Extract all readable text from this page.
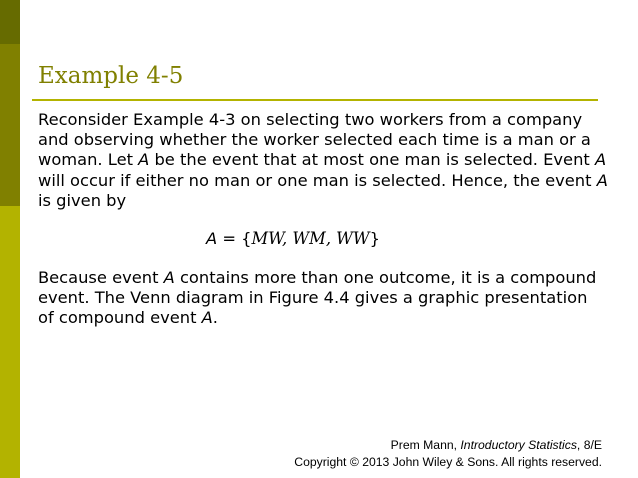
Example 4-5

Reconsider Example 4-3 on selecting two workers from a company and observing whether the worker selected each time is a man or a woman. Let A be the event that at most one man is selected. Event A will occur if either no man or one man is selected. Hence, the event A is given by

A = {MW, WM, WW}

Because event A contains more than one outcome, it is a compound event. The Venn diagram in Figure 4.4 gives a graphic presentation of compound event A.

Prem Mann, Introductory Statistics, 8/E
Copyright © 2013 John Wiley & Sons. All rights reserved.
